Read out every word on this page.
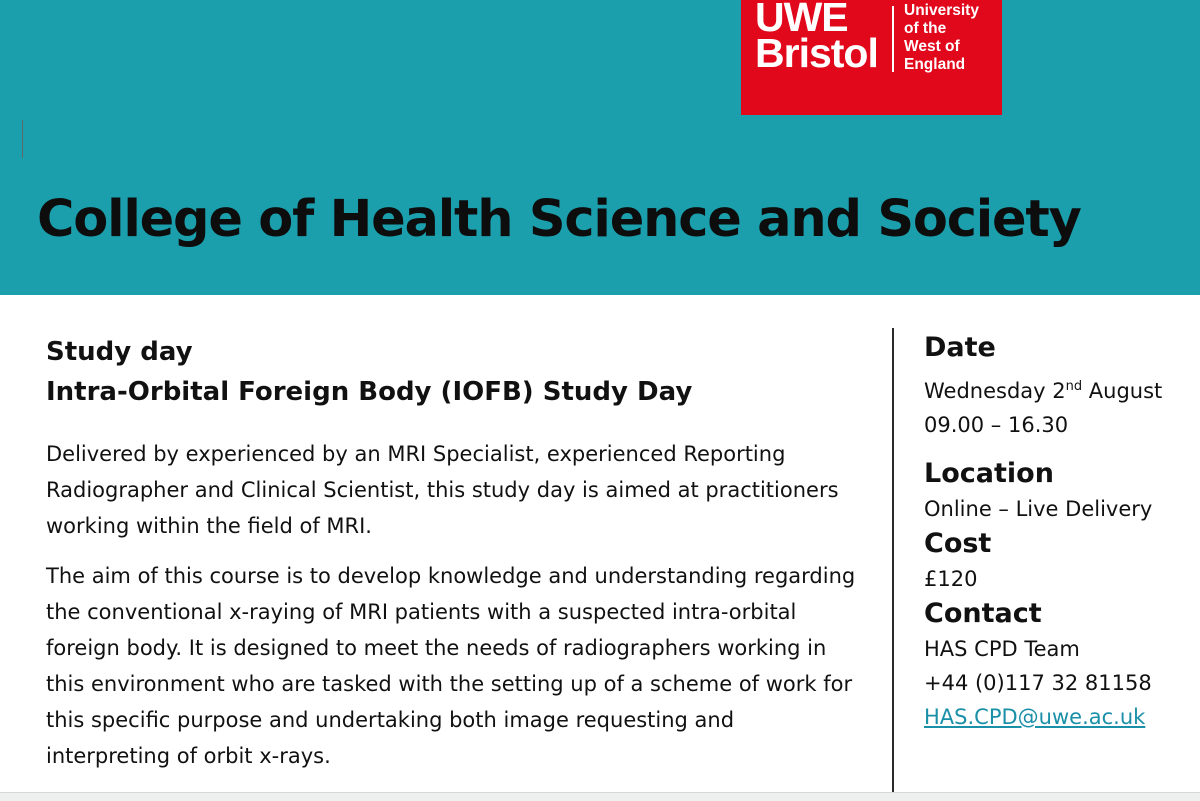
UWE
Bristol
University
of the
West of
England
College of Health Science and Society

Study day

Intra-Orbital Foreign Body (IOFB) Study Day

Delivered by experienced by an MRI Specialist, experienced Reporting Radiographer and Clinical Scientist, this study day is aimed at practitioners working within the field of MRI.

The aim of this course is to develop knowledge and understanding regarding the conventional x-raying of MRI patients with a suspected intra-orbital foreign body. It is designed to meet the needs of radiographers working in this environment who are tasked with the setting up of a scheme of work for this specific purpose and undertaking both image requesting and interpreting of orbit x-rays.

Date

Wednesday 2nd August

09.00 – 16.30

Location

Online – Live Delivery

Cost

£120

Contact

HAS CPD Team

+44 (0)117 32 81158

HAS.CPD@uwe.ac.uk
